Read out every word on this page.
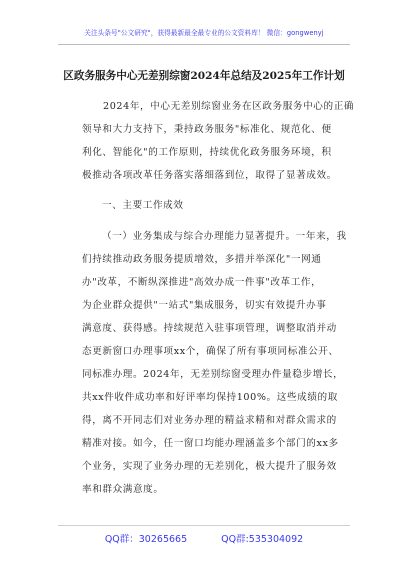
关注头条号"公文研究"，获得最新最全最专业的公文资料库！ 微信：gongwenyj
区政务服务中心无差别综窗2024年总结及2025年工作计划
2024年，中心无差别综窗业务在区政务服务中心的正确
领导和大力支持下，秉持政务服务"标准化、规范化、便
利化、智能化"的工作原则，持续优化政务服务环境，积
极推动各项改革任务落实落细落到位，取得了显著成效。
一、主要工作成效
（一）业务集成与综合办理能力显著提升。一年来，我
们持续推动政务服务提质增效，多措并举深化"一网通
办"改革，不断纵深推进"高效办成一件事"改革工作，
为企业群众提供"一站式"集成服务，切实有效提升办事
满意度、获得感。持续规范入驻事项管理，调整取消并动
态更新窗口办理事项xx个，确保了所有事项同标准公开、
同标准办理。2024年，无差别综窗受理办件量稳步增长，
共xx件收件成功率和好评率均保持100%。这些成绩的取
得，离不开同志们对业务办理的精益求精和对群众需求的
精准对接。如今，任一窗口均能办理涵盖多个部门的xx多
个业务，实现了业务办理的无差别化，极大提升了服务效
率和群众满意度。
QQ群：30265665	QQ群:535304092
